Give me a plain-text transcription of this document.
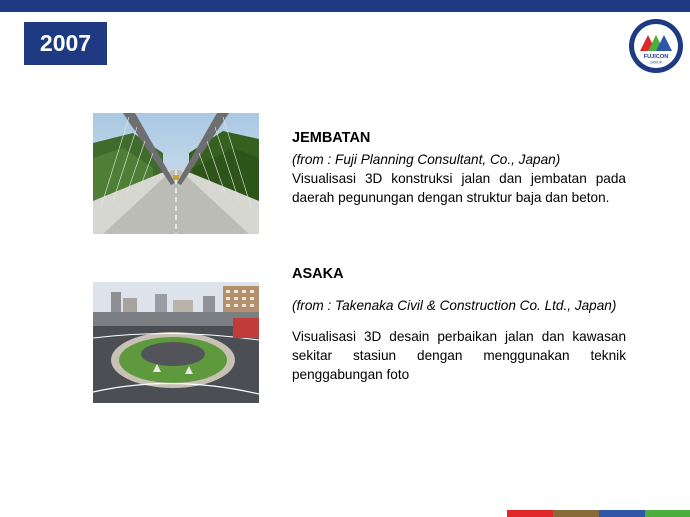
2007
FUJICON
GROUP
JEMBATAN
(from : Fuji Planning Consultant, Co., Japan)
Visualisasi 3D konstruksi jalan dan jembatan pada daerah pegunungan dengan struktur baja dan beton.
ASAKA
(from : Takenaka Civil & Construction Co. Ltd., Japan)
Visualisasi 3D desain perbaikan jalan dan kawasan sekitar stasiun dengan menggunakan teknik penggabungan foto
